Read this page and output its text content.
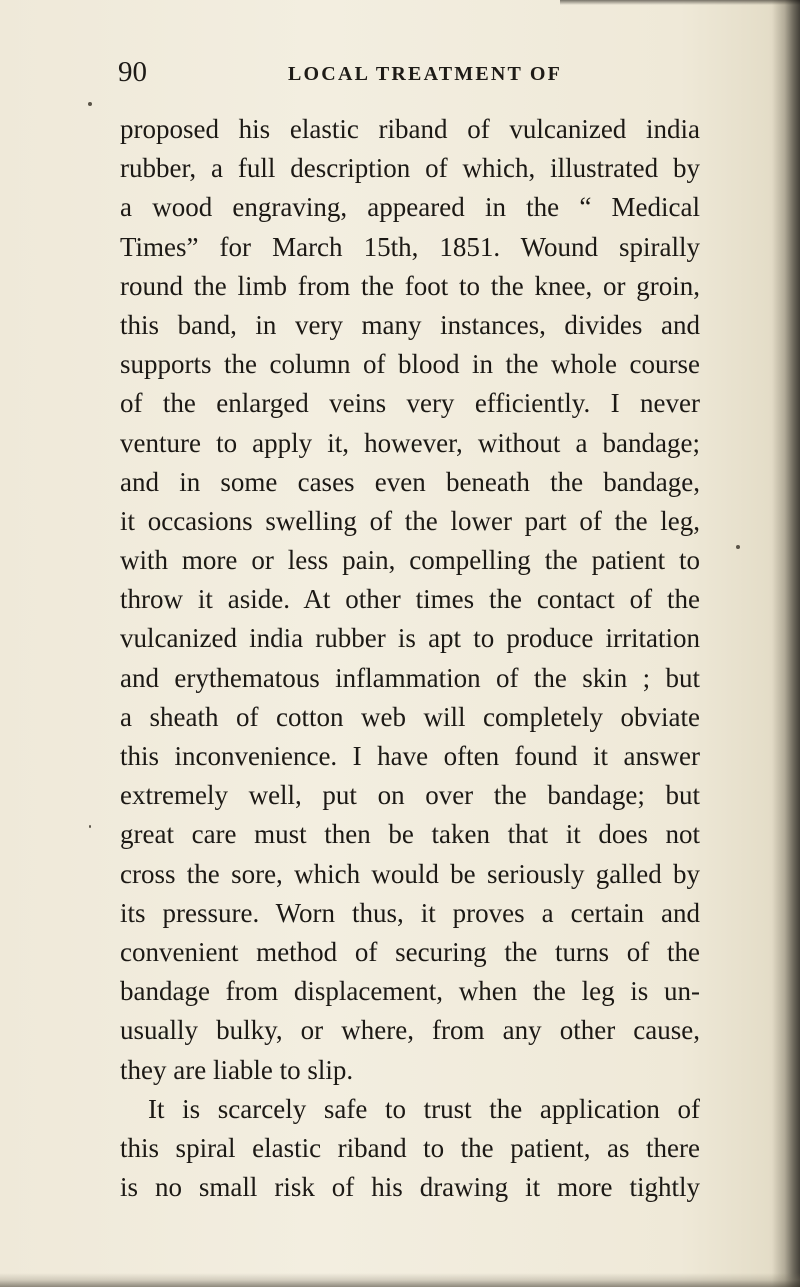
90	LOCAL TREATMENT OF
proposed his elastic riband of vulcanized india
rubber, a full description of which, illustrated by
a wood engraving, appeared in the “ Medical
Times” for March 15th, 1851. Wound spirally
round the limb from the foot to the knee, or groin,
this band, in very many instances, divides and
supports the column of blood in the whole course
of the enlarged veins very efficiently. I never
venture to apply it, however, without a bandage;
and in some cases even beneath the bandage,
it occasions swelling of the lower part of the leg,
with more or less pain, compelling the patient to
throw it aside. At other times the contact of the
vulcanized india rubber is apt to produce irritation
and erythematous inflammation of the skin ; but
a sheath of cotton web will completely obviate
this inconvenience. I have often found it answer
extremely well, put on over the bandage; but
great care must then be taken that it does not
cross the sore, which would be seriously galled by
its pressure. Worn thus, it proves a certain and
convenient method of securing the turns of the
bandage from displacement, when the leg is un-
usually bulky, or where, from any other cause,
they are liable to slip.
It is scarcely safe to trust the application of
this spiral elastic riband to the patient, as there
is no small risk of his drawing it more tightly
